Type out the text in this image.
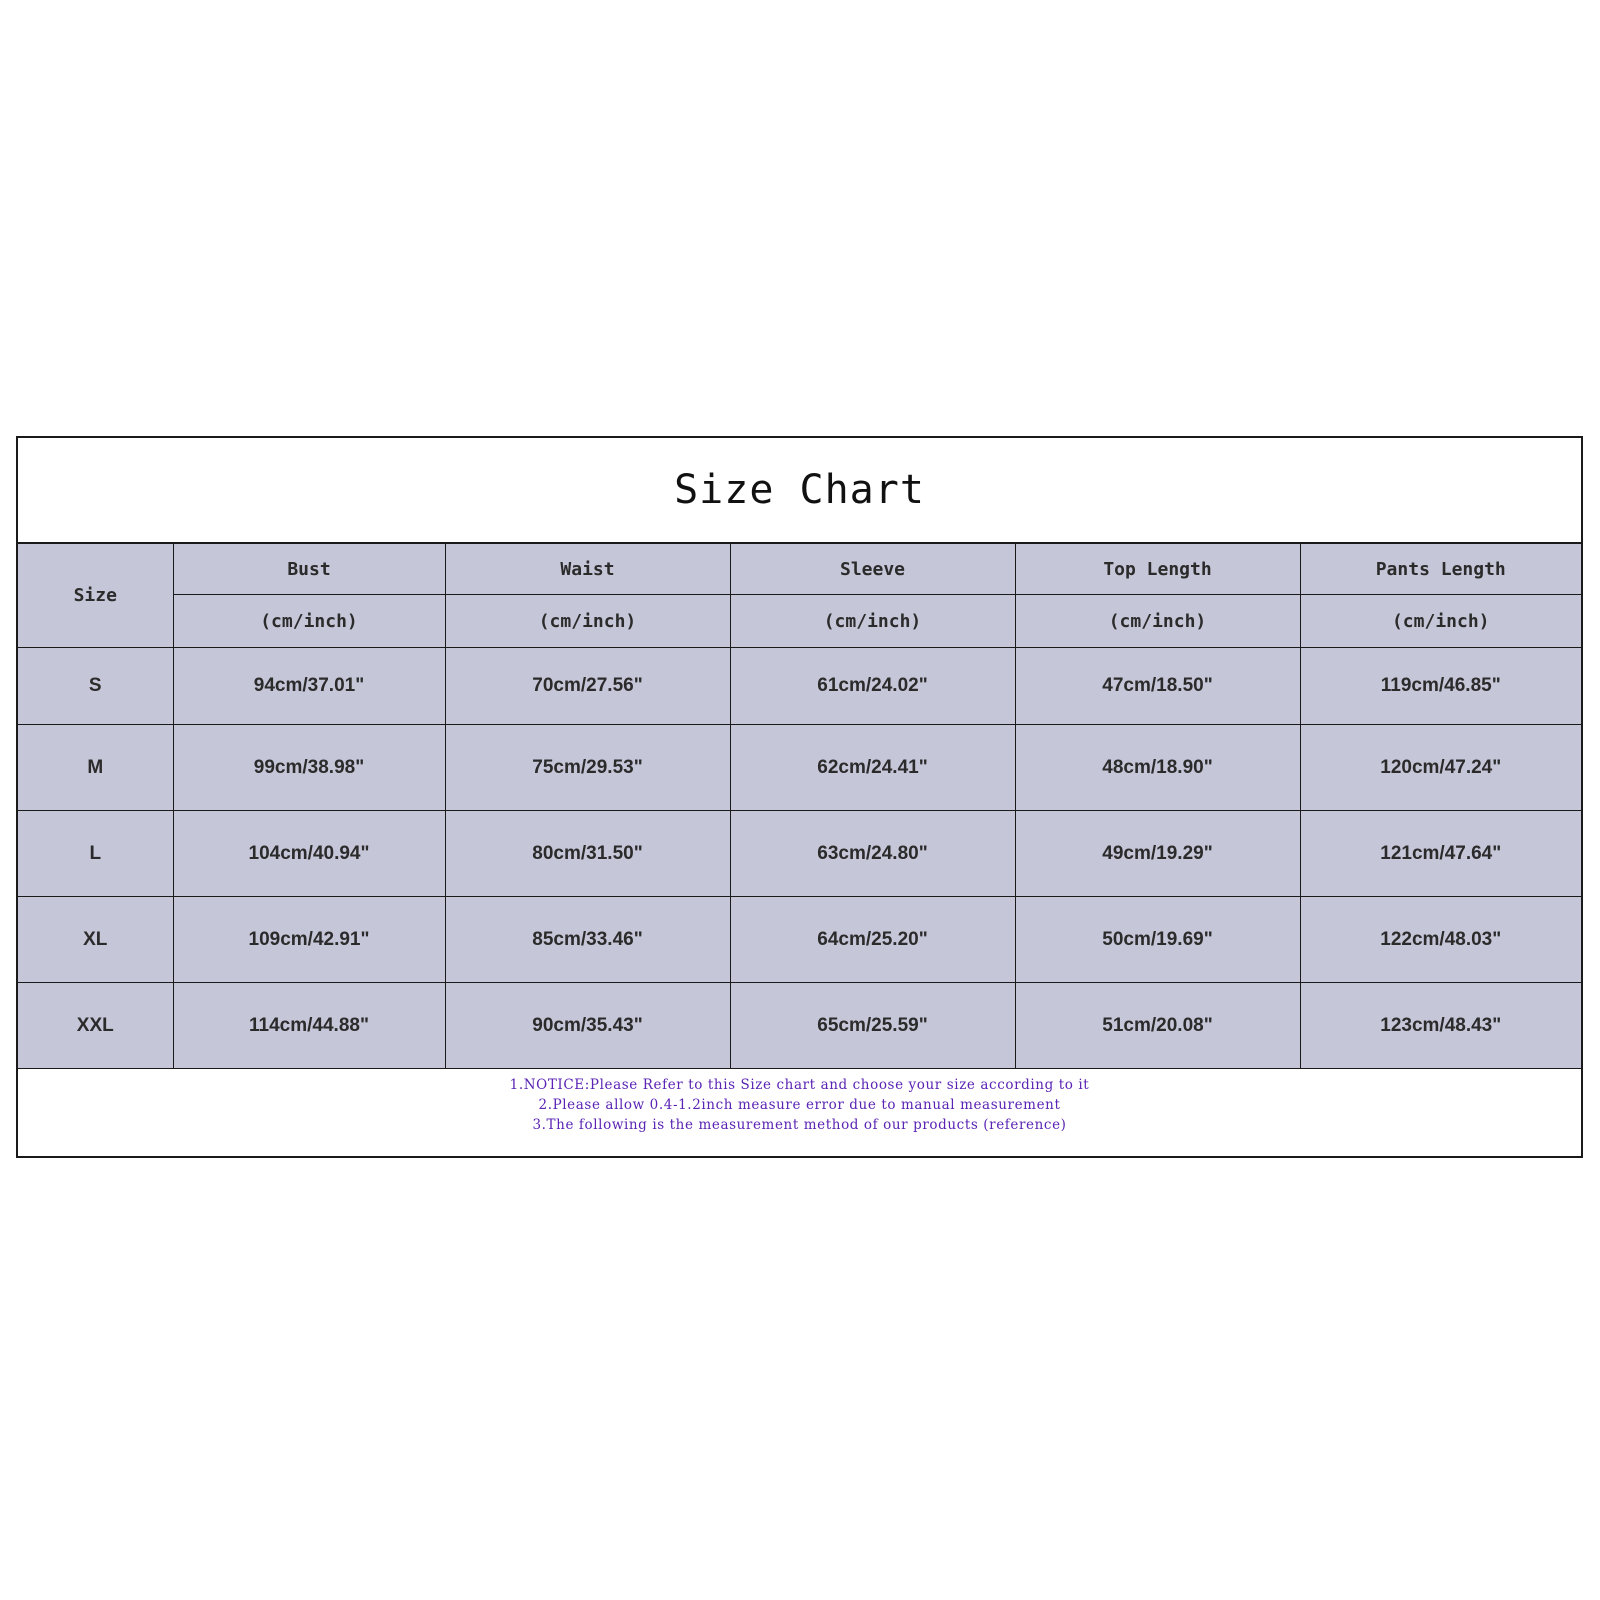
Size Chart
Size	Bust	Waist	Sleeve	Top Length	Pants Length
	(cm/inch)	(cm/inch)	(cm/inch)	(cm/inch)	(cm/inch)
S	94cm/37.01"	70cm/27.56"	61cm/24.02"	47cm/18.50"	119cm/46.85"
M	99cm/38.98"	75cm/29.53"	62cm/24.41"	48cm/18.90"	120cm/47.24"
L	104cm/40.94"	80cm/31.50"	63cm/24.80"	49cm/19.29"	121cm/47.64"
XL	109cm/42.91"	85cm/33.46"	64cm/25.20"	50cm/19.69"	122cm/48.03"
XXL	114cm/44.88"	90cm/35.43"	65cm/25.59"	51cm/20.08"	123cm/48.43"
1.NOTICE:Please Refer to this Size chart and choose your size according to it
2.Please allow 0.4-1.2inch measure error due to manual measurement
3.The following is the measurement method of our products (reference)
